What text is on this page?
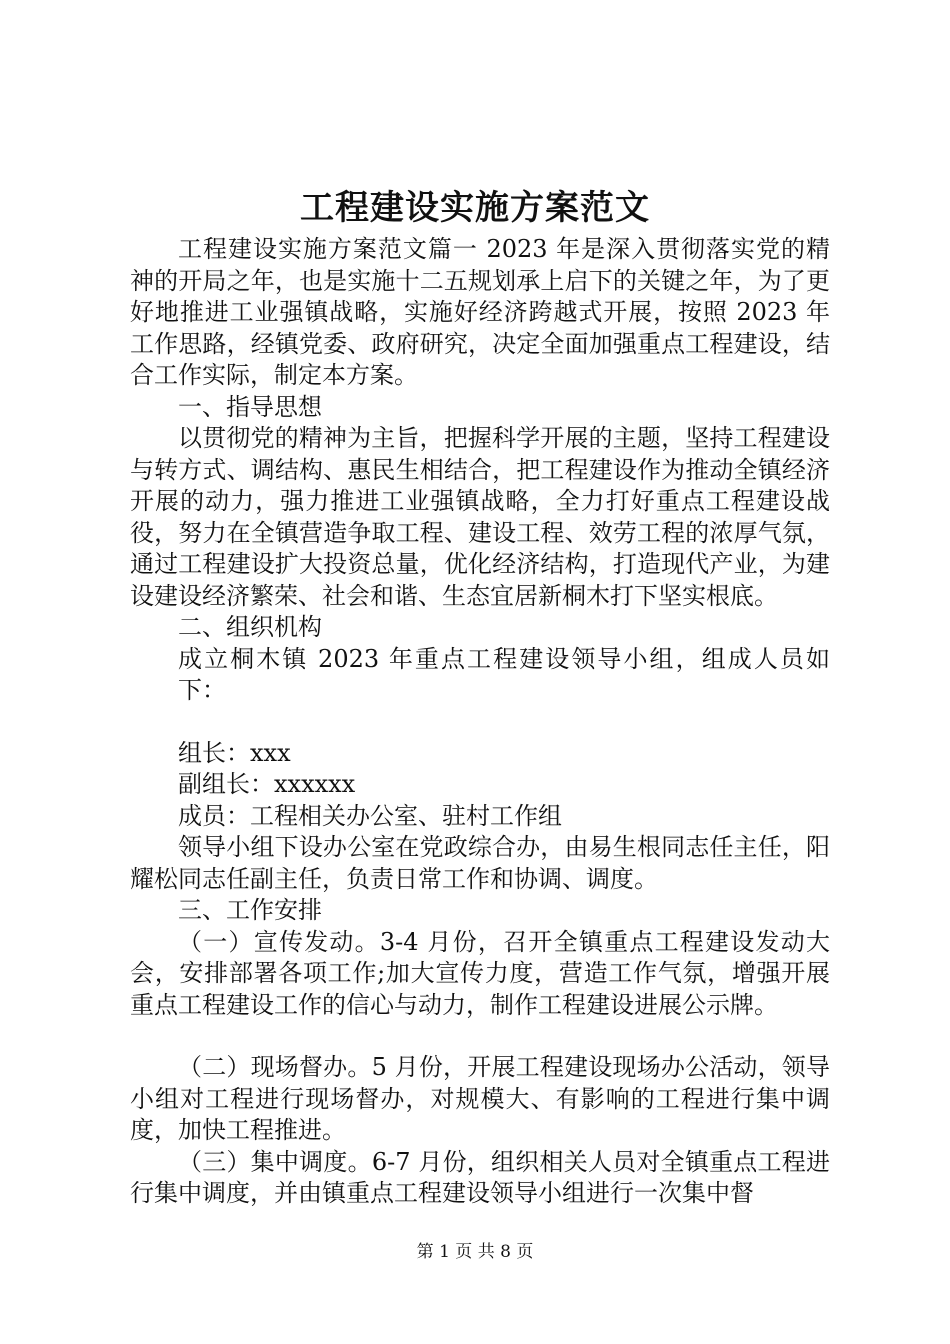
工程建设实施方案范文

工程建设实施方案范文篇一 2023 年是深入贯彻落实党的精神的开局之年，也是实施十二五规划承上启下的关键之年，为了更好地推进工业强镇战略，实施好经济跨越式开展，按照 2023 年工作思路，经镇党委、政府研究，决定全面加强重点工程建设，结合工作实际，制定本方案。

一、指导思想

以贯彻党的精神为主旨，把握科学开展的主题，坚持工程建设与转方式、调结构、惠民生相结合，把工程建设作为推动全镇经济开展的动力，强力推进工业强镇战略，全力打好重点工程建设战役，努力在全镇营造争取工程、建设工程、效劳工程的浓厚气氛，通过工程建设扩大投资总量，优化经济结构，打造现代产业，为建设建设经济繁荣、社会和谐、生态宜居新桐木打下坚实根底。

二、组织机构

成立桐木镇 2023 年重点工程建设领导小组，组成人员如下：

组长：xxx

副组长：xxxxxx

成员：工程相关办公室、驻村工作组

领导小组下设办公室在党政综合办，由易生根同志任主任，阳耀松同志任副主任，负责日常工作和协调、调度。

三、工作安排

（一）宣传发动。3-4 月份，召开全镇重点工程建设发动大会，安排部署各项工作;加大宣传力度，营造工作气氛，增强开展重点工程建设工作的信心与动力，制作工程建设进展公示牌。

（二）现场督办。5 月份，开展工程建设现场办公活动，领导小组对工程进行现场督办，对规模大、有影响的工程进行集中调度，加快工程推进。

（三）集中调度。6-7 月份，组织相关人员对全镇重点工程进行集中调度，并由镇重点工程建设领导小组进行一次集中督

第 1 页 共 8 页
